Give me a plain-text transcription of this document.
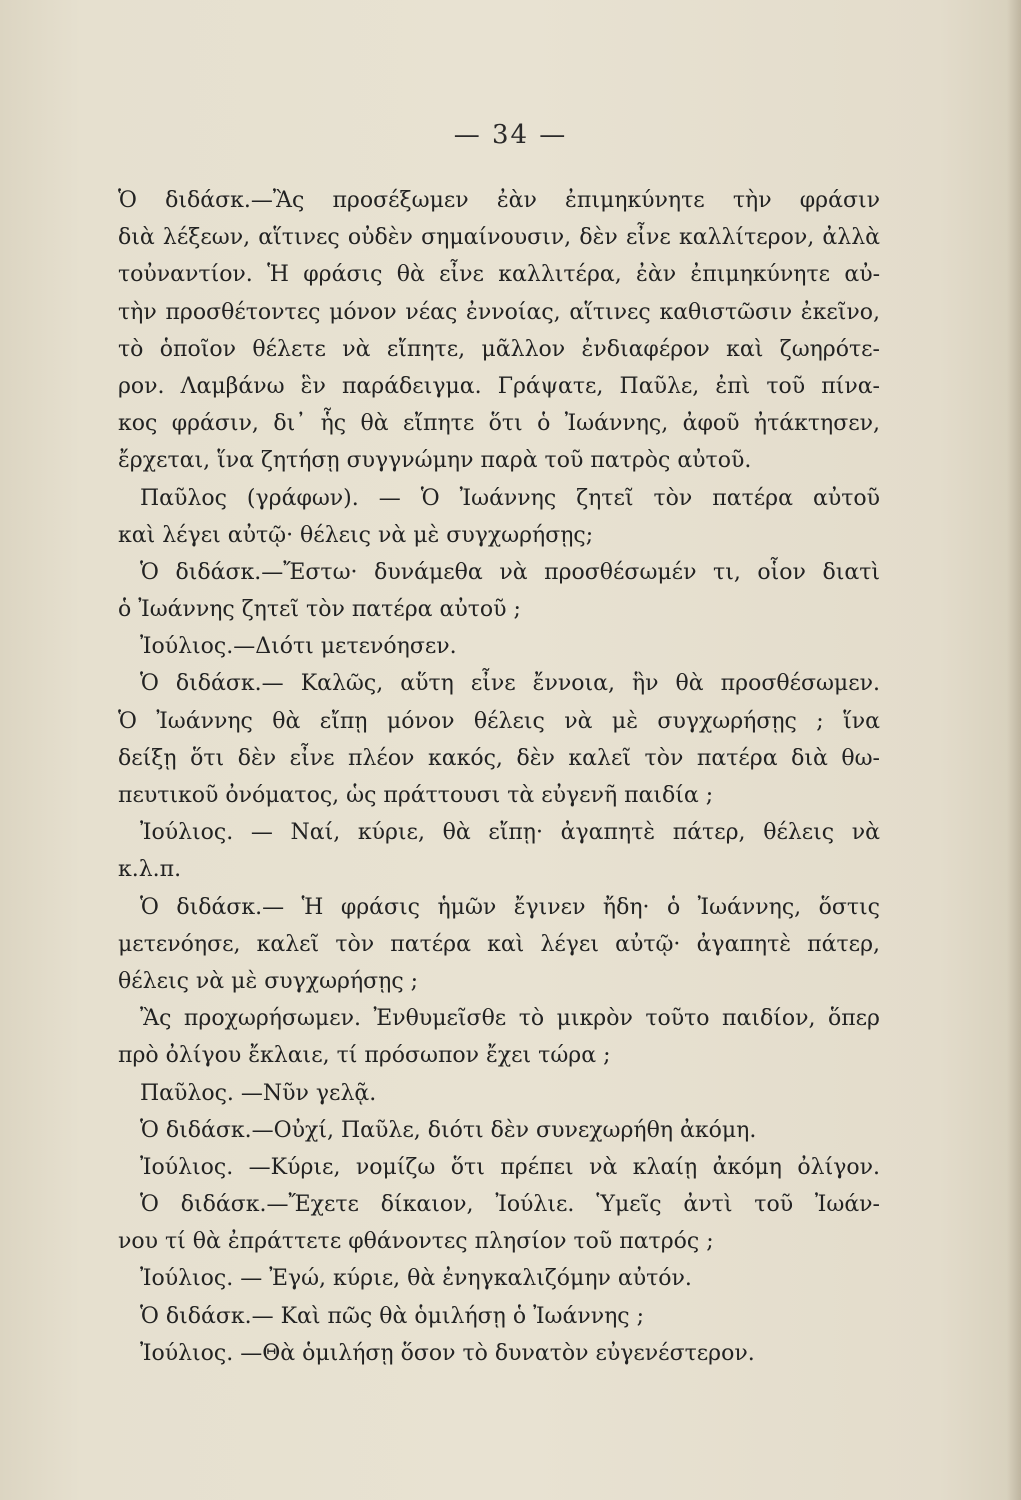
— 34 —
Ὁ διδάσκ.—Ἂς προσέξωμεν ἐὰν ἐπιμηκύνητε τὴν φράσιν
διὰ λέξεων, αἵτινες οὐδὲν σημαίνουσιν, δὲν εἶνε καλλίτερον, ἀλλὰ
τοὐναντίον. Ἡ φράσις θὰ εἶνε καλλιτέρα, ἐὰν ἐπιμηκύνητε αὐ-
τὴν προσθέτοντες μόνον νέας ἐννοίας, αἵτινες καθιστῶσιν ἐκεῖνο,
τὸ ὁποῖον θέλετε νὰ εἴπητε, μᾶλλον ἐνδιαφέρον καὶ ζωηρότε-
ρον. Λαμβάνω ἓν παράδειγμα. Γράψατε, Παῦλε, ἐπὶ τοῦ πίνα-
κος φράσιν, δι᾽ ἧς θὰ εἴπητε ὅτι ὁ Ἰωάννης, ἀφοῦ ἠτάκτησεν,
ἔρχεται, ἵνα ζητήσῃ συγγνώμην παρὰ τοῦ πατρὸς αὐτοῦ.
Παῦλος (γράφων). — Ὁ Ἰωάννης ζητεῖ τὸν πατέρα αὐτοῦ
καὶ λέγει αὐτῷ· θέλεις νὰ μὲ συγχωρήσῃς;
Ὁ διδάσκ.—Ἔστω· δυνάμεθα νὰ προσθέσωμέν τι, οἷον διατὶ
ὁ Ἰωάννης ζητεῖ τὸν πατέρα αὐτοῦ ;
Ἰούλιος.—Διότι μετενόησεν.
Ὁ διδάσκ.— Καλῶς, αὕτη εἶνε ἔννοια, ἣν θὰ προσθέσωμεν.
Ὁ Ἰωάννης θὰ εἴπῃ μόνον θέλεις νὰ μὲ συγχωρήσῃς ; ἵνα
δείξῃ ὅτι δὲν εἶνε πλέον κακός, δὲν καλεῖ τὸν πατέρα διὰ θω-
πευτικοῦ ὀνόματος, ὡς πράττουσι τὰ εὐγενῆ παιδία ;
Ἰούλιος. — Ναί, κύριε, θὰ εἴπῃ· ἀγαπητὲ πάτερ, θέλεις νὰ
κ.λ.π.
Ὁ διδάσκ.— Ἡ φράσις ἡμῶν ἔγινεν ἤδη· ὁ Ἰωάννης, ὅστις
μετενόησε, καλεῖ τὸν πατέρα καὶ λέγει αὐτῷ· ἀγαπητὲ πάτερ,
θέλεις νὰ μὲ συγχωρήσῃς ;
Ἂς προχωρήσωμεν. Ἐνθυμεῖσθε τὸ μικρὸν τοῦτο παιδίον, ὅπερ
πρὸ ὀλίγου ἔκλαιε, τί πρόσωπον ἔχει τώρα ;
Παῦλος. —Νῦν γελᾷ.
Ὁ διδάσκ.—Οὐχί, Παῦλε, διότι δὲν συνεχωρήθη ἀκόμη.
Ἰούλιος. —Κύριε, νομίζω ὅτι πρέπει νὰ κλαίῃ ἀκόμη ὀλίγον.
Ὁ διδάσκ.—Ἔχετε δίκαιον, Ἰούλιε. Ὑμεῖς ἀντὶ τοῦ Ἰωάν-
νου τί θὰ ἐπράττετε φθάνοντες πλησίον τοῦ πατρός ;
Ἰούλιος. — Ἐγώ, κύριε, θὰ ἐνηγκαλιζόμην αὐτόν.
Ὁ διδάσκ.— Καὶ πῶς θὰ ὁμιλήσῃ ὁ Ἰωάννης ;
Ἰούλιος. —Θὰ ὁμιλήσῃ ὅσον τὸ δυνατὸν εὐγενέστερον.
